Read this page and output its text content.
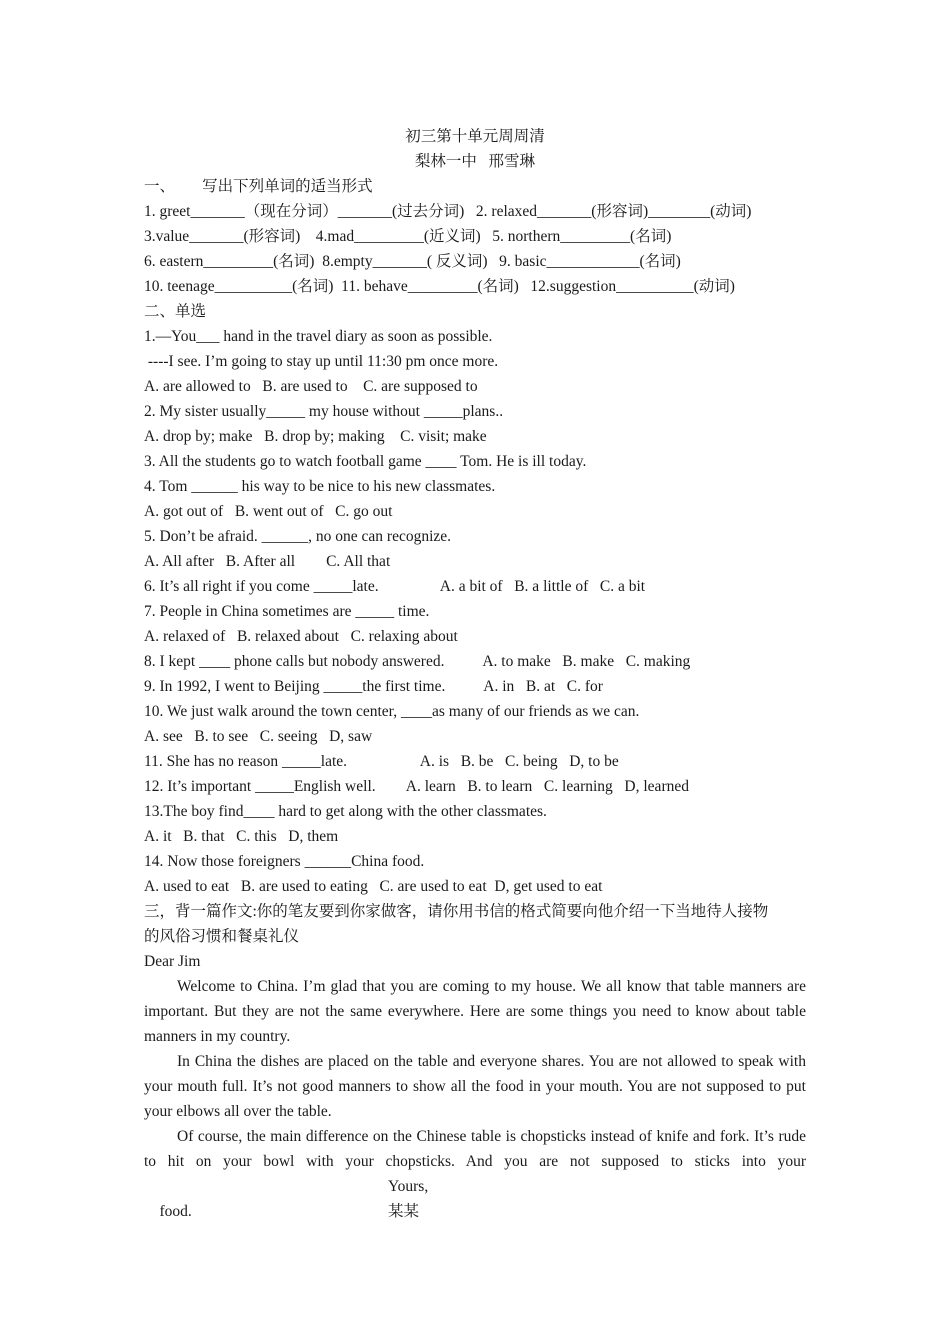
初三第十单元周周清
梨林一中   邢雪琳
一、       写出下列单词的适当形式
1. greet_______（现在分词）_______(过去分词)   2. relaxed_______(形容词)________(动词)
3.value_______(形容词)    4.mad_________(近义词)   5. northern_________(名词)
6. eastern_________(名词)  8.empty_______( 反义词)   9. basic____________(名词)
10. teenage__________(名词)  11. behave_________(名词)   12.suggestion__________(动词)
二、单选
1.—You___ hand in the travel diary as soon as possible.
----I see. I’m going to stay up until 11:30 pm once more.
A. are allowed to   B. are used to    C. are supposed to
2. My sister usually_____ my house without _____plans..
A. drop by; make   B. drop by; making    C. visit; make
3. All the students go to watch football game ____ Tom. He is ill today.
4. Tom ______ his way to be nice to his new classmates.
A. got out of   B. went out of   C. go out
5. Don’t be afraid. ______, no one can recognize.
A. All after   B. After all        C. All that
6. It’s all right if you come _____late.                A. a bit of   B. a little of   C. a bit
7. People in China sometimes are _____ time.
A. relaxed of   B. relaxed about   C. relaxing about
8. I kept ____ phone calls but nobody answered.          A. to make   B. make   C. making
9. In 1992, I went to Beijing _____the first time.          A. in   B. at   C. for
10. We just walk around the town center, ____as many of our friends as we can.
A. see   B. to see   C. seeing   D, saw
11. She has no reason _____late.                   A. is   B. be   C. being   D, to be
12. It’s important _____English well.        A. learn   B. to learn   C. learning   D, learned
13.The boy find____ hard to get along with the other classmates.
A. it   B. that   C. this   D, them
14. Now those foreigners ______China food.
A. used to eat   B. are used to eating   C. are used to eat  D, get used to eat
三，背一篇作文:你的笔友要到你家做客，请你用书信的格式简要向他介绍一下当地待人接物
的风俗习惯和餐桌礼仪
Dear Jim
Welcome to China. I’m glad that you are coming to my house. We all know that table manners are important. But they are not the same everywhere. Here are some things you need to know about table manners in my country.
In China the dishes are placed on the table and everyone shares. You are not allowed to speak with your mouth full. It’s not good manners to show all the food in your mouth. You are not supposed to put your elbows all over the table.
Of course, the main difference on the Chinese table is chopsticks instead of knife and fork. It’s rude to hit on your bowl with your chopsticks. And you are not supposed to sticks into your

food.

Yours,

某某
